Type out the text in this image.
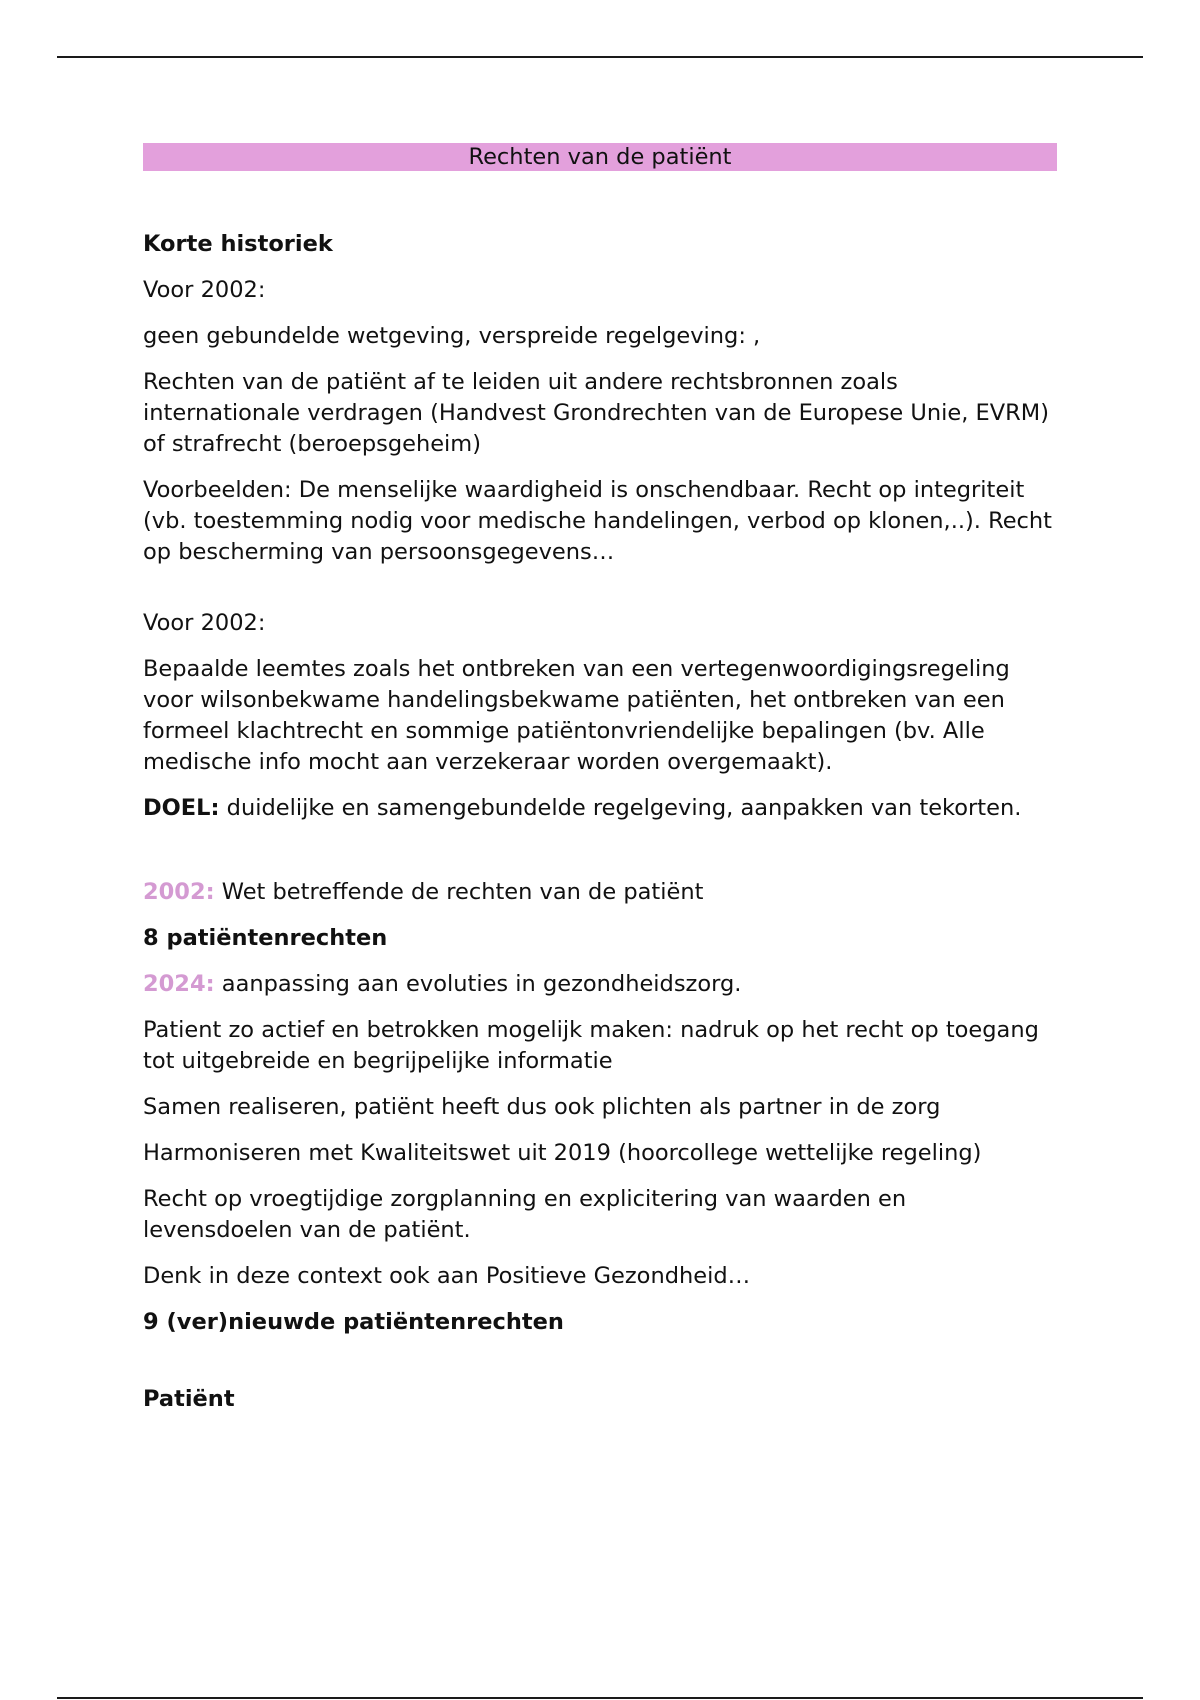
Rechten van de patiënt
Korte historiek
Voor 2002:
geen gebundelde wetgeving, verspreide regelgeving: ,
Rechten van de patiënt af te leiden uit andere rechtsbronnen zoals internationale verdragen (Handvest Grondrechten van de Europese Unie, EVRM) of strafrecht (beroepsgeheim)
Voorbeelden: De menselijke waardigheid is onschendbaar. Recht op integriteit (vb. toestemming nodig voor medische handelingen, verbod op klonen,..). Recht op bescherming van persoonsgegevens…
Voor 2002:
Bepaalde leemtes zoals het ontbreken van een vertegenwoordigingsregeling voor wilsonbekwame handelingsbekwame patiënten, het ontbreken van een formeel klachtrecht en sommige patiëntonvriendelijke bepalingen (bv. Alle medische info mocht aan verzekeraar worden overgemaakt).
DOEL: duidelijke en samengebundelde regelgeving, aanpakken van tekorten.
2002: Wet betreffende de rechten van de patiënt
8 patiëntenrechten
2024: aanpassing aan evoluties in gezondheidszorg.
Patient zo actief en betrokken mogelijk maken: nadruk op het recht op toegang tot uitgebreide en begrijpelijke informatie
Samen realiseren, patiënt heeft dus ook plichten als partner in de zorg
Harmoniseren met Kwaliteitswet uit 2019 (hoorcollege wettelijke regeling)
Recht op vroegtijdige zorgplanning en explicitering van waarden en levensdoelen van de patiënt.
Denk in deze context ook aan Positieve Gezondheid…
9 (ver)nieuwde patiëntenrechten
Patiënt
